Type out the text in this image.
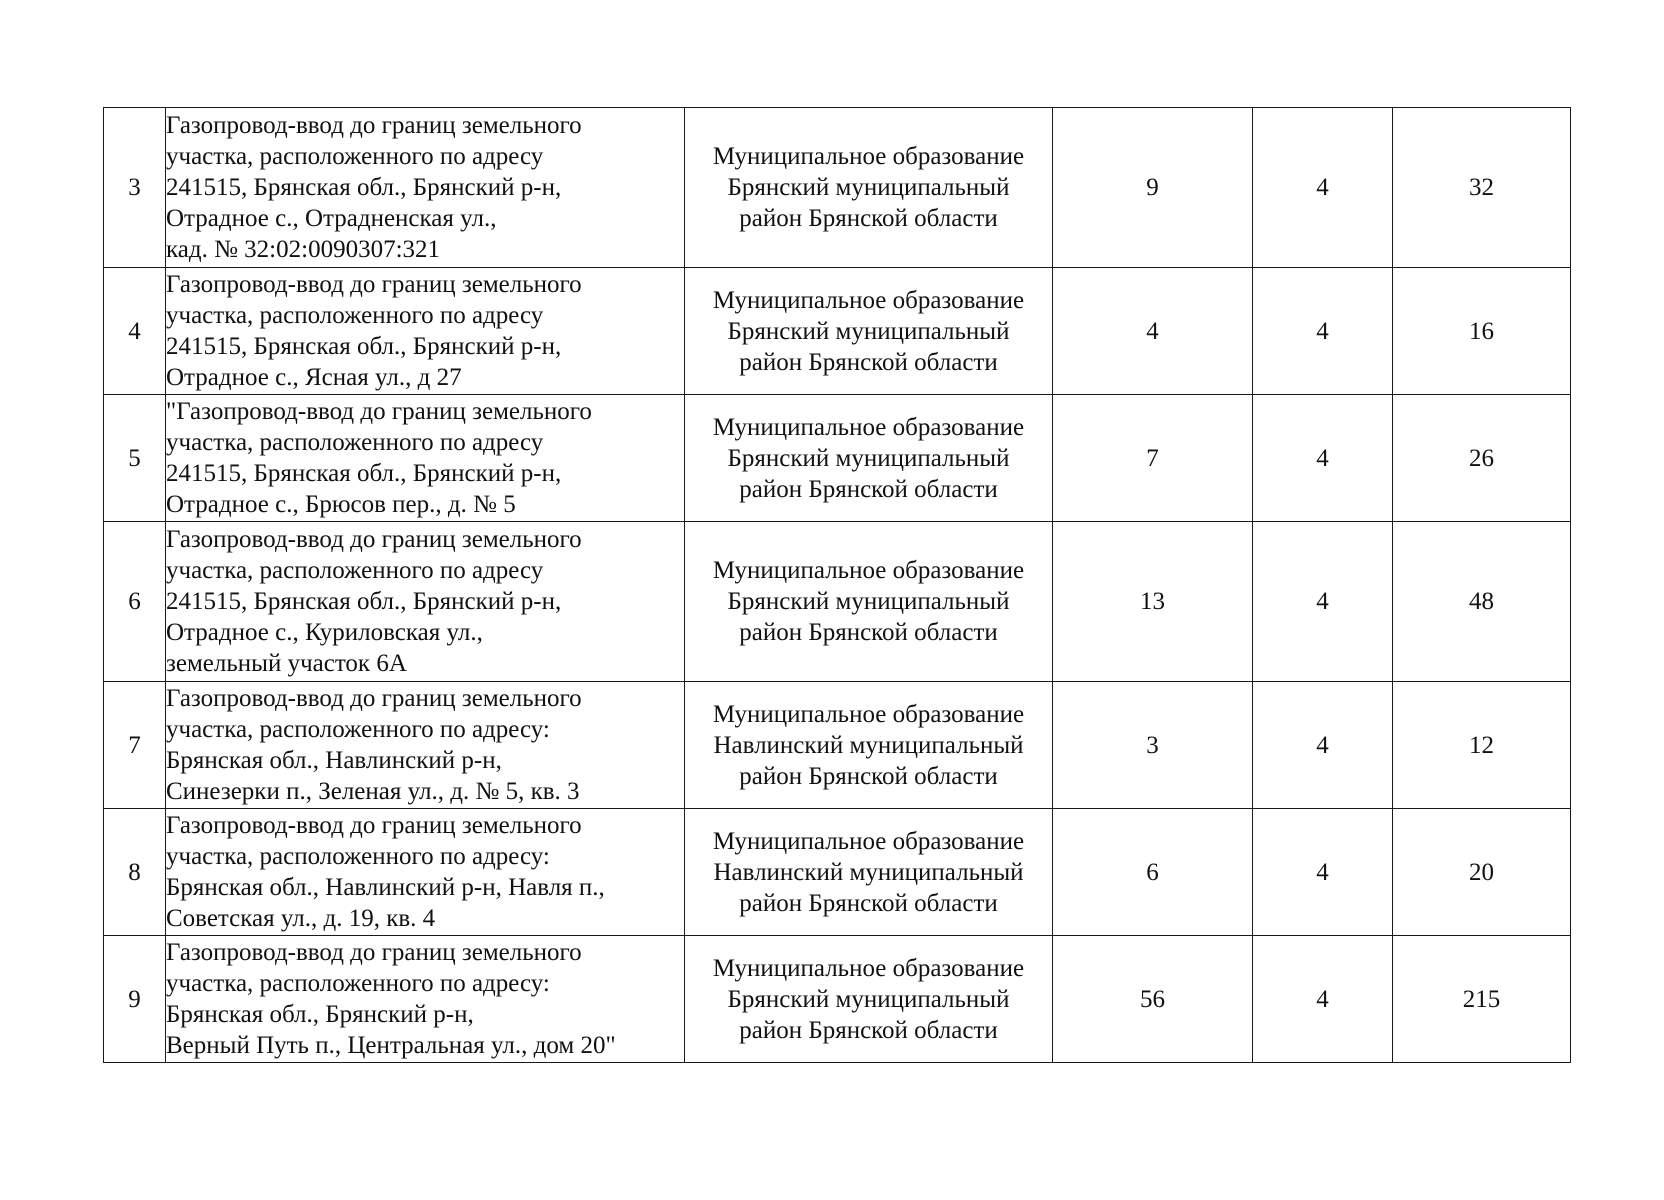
3	Газопровод-ввод до границ земельного
участка, расположенного по адресу
241515, Брянская обл., Брянский р-н,
Отрадное с., Отрадненская ул.,
кад. № 32:02:0090307:321	Муниципальное образование
Брянский муниципальный
район Брянской области	9	4	32
4	Газопровод-ввод до границ земельного
участка, расположенного по адресу
241515, Брянская обл., Брянский р-н,
Отрадное с., Ясная ул., д 27	Муниципальное образование
Брянский муниципальный
район Брянской области	4	4	16
5	"Газопровод-ввод до границ земельного
участка, расположенного по адресу
241515, Брянская обл., Брянский р-н,
Отрадное с., Брюсов пер., д. № 5	Муниципальное образование
Брянский муниципальный
район Брянской области	7	4	26
6	Газопровод-ввод до границ земельного
участка, расположенного по адресу
241515, Брянская обл., Брянский р-н,
Отрадное с., Куриловская ул.,
земельный участок 6А	Муниципальное образование
Брянский муниципальный
район Брянской области	13	4	48
7	Газопровод-ввод до границ земельного
участка, расположенного по адресу:
Брянская обл., Навлинский р-н,
Синезерки п., Зеленая ул., д. № 5, кв. 3	Муниципальное образование
Навлинский муниципальный
район Брянской области	3	4	12
8	Газопровод-ввод до границ земельного
участка, расположенного по адресу:
Брянская обл., Навлинский р-н, Навля п.,
Советская ул., д. 19, кв. 4	Муниципальное образование
Навлинский муниципальный
район Брянской области	6	4	20
9	Газопровод-ввод до границ земельного
участка, расположенного по адресу:
Брянская обл., Брянский р-н,
Верный Путь п., Центральная ул., дом 20"	Муниципальное образование
Брянский муниципальный
район Брянской области	56	4	215
